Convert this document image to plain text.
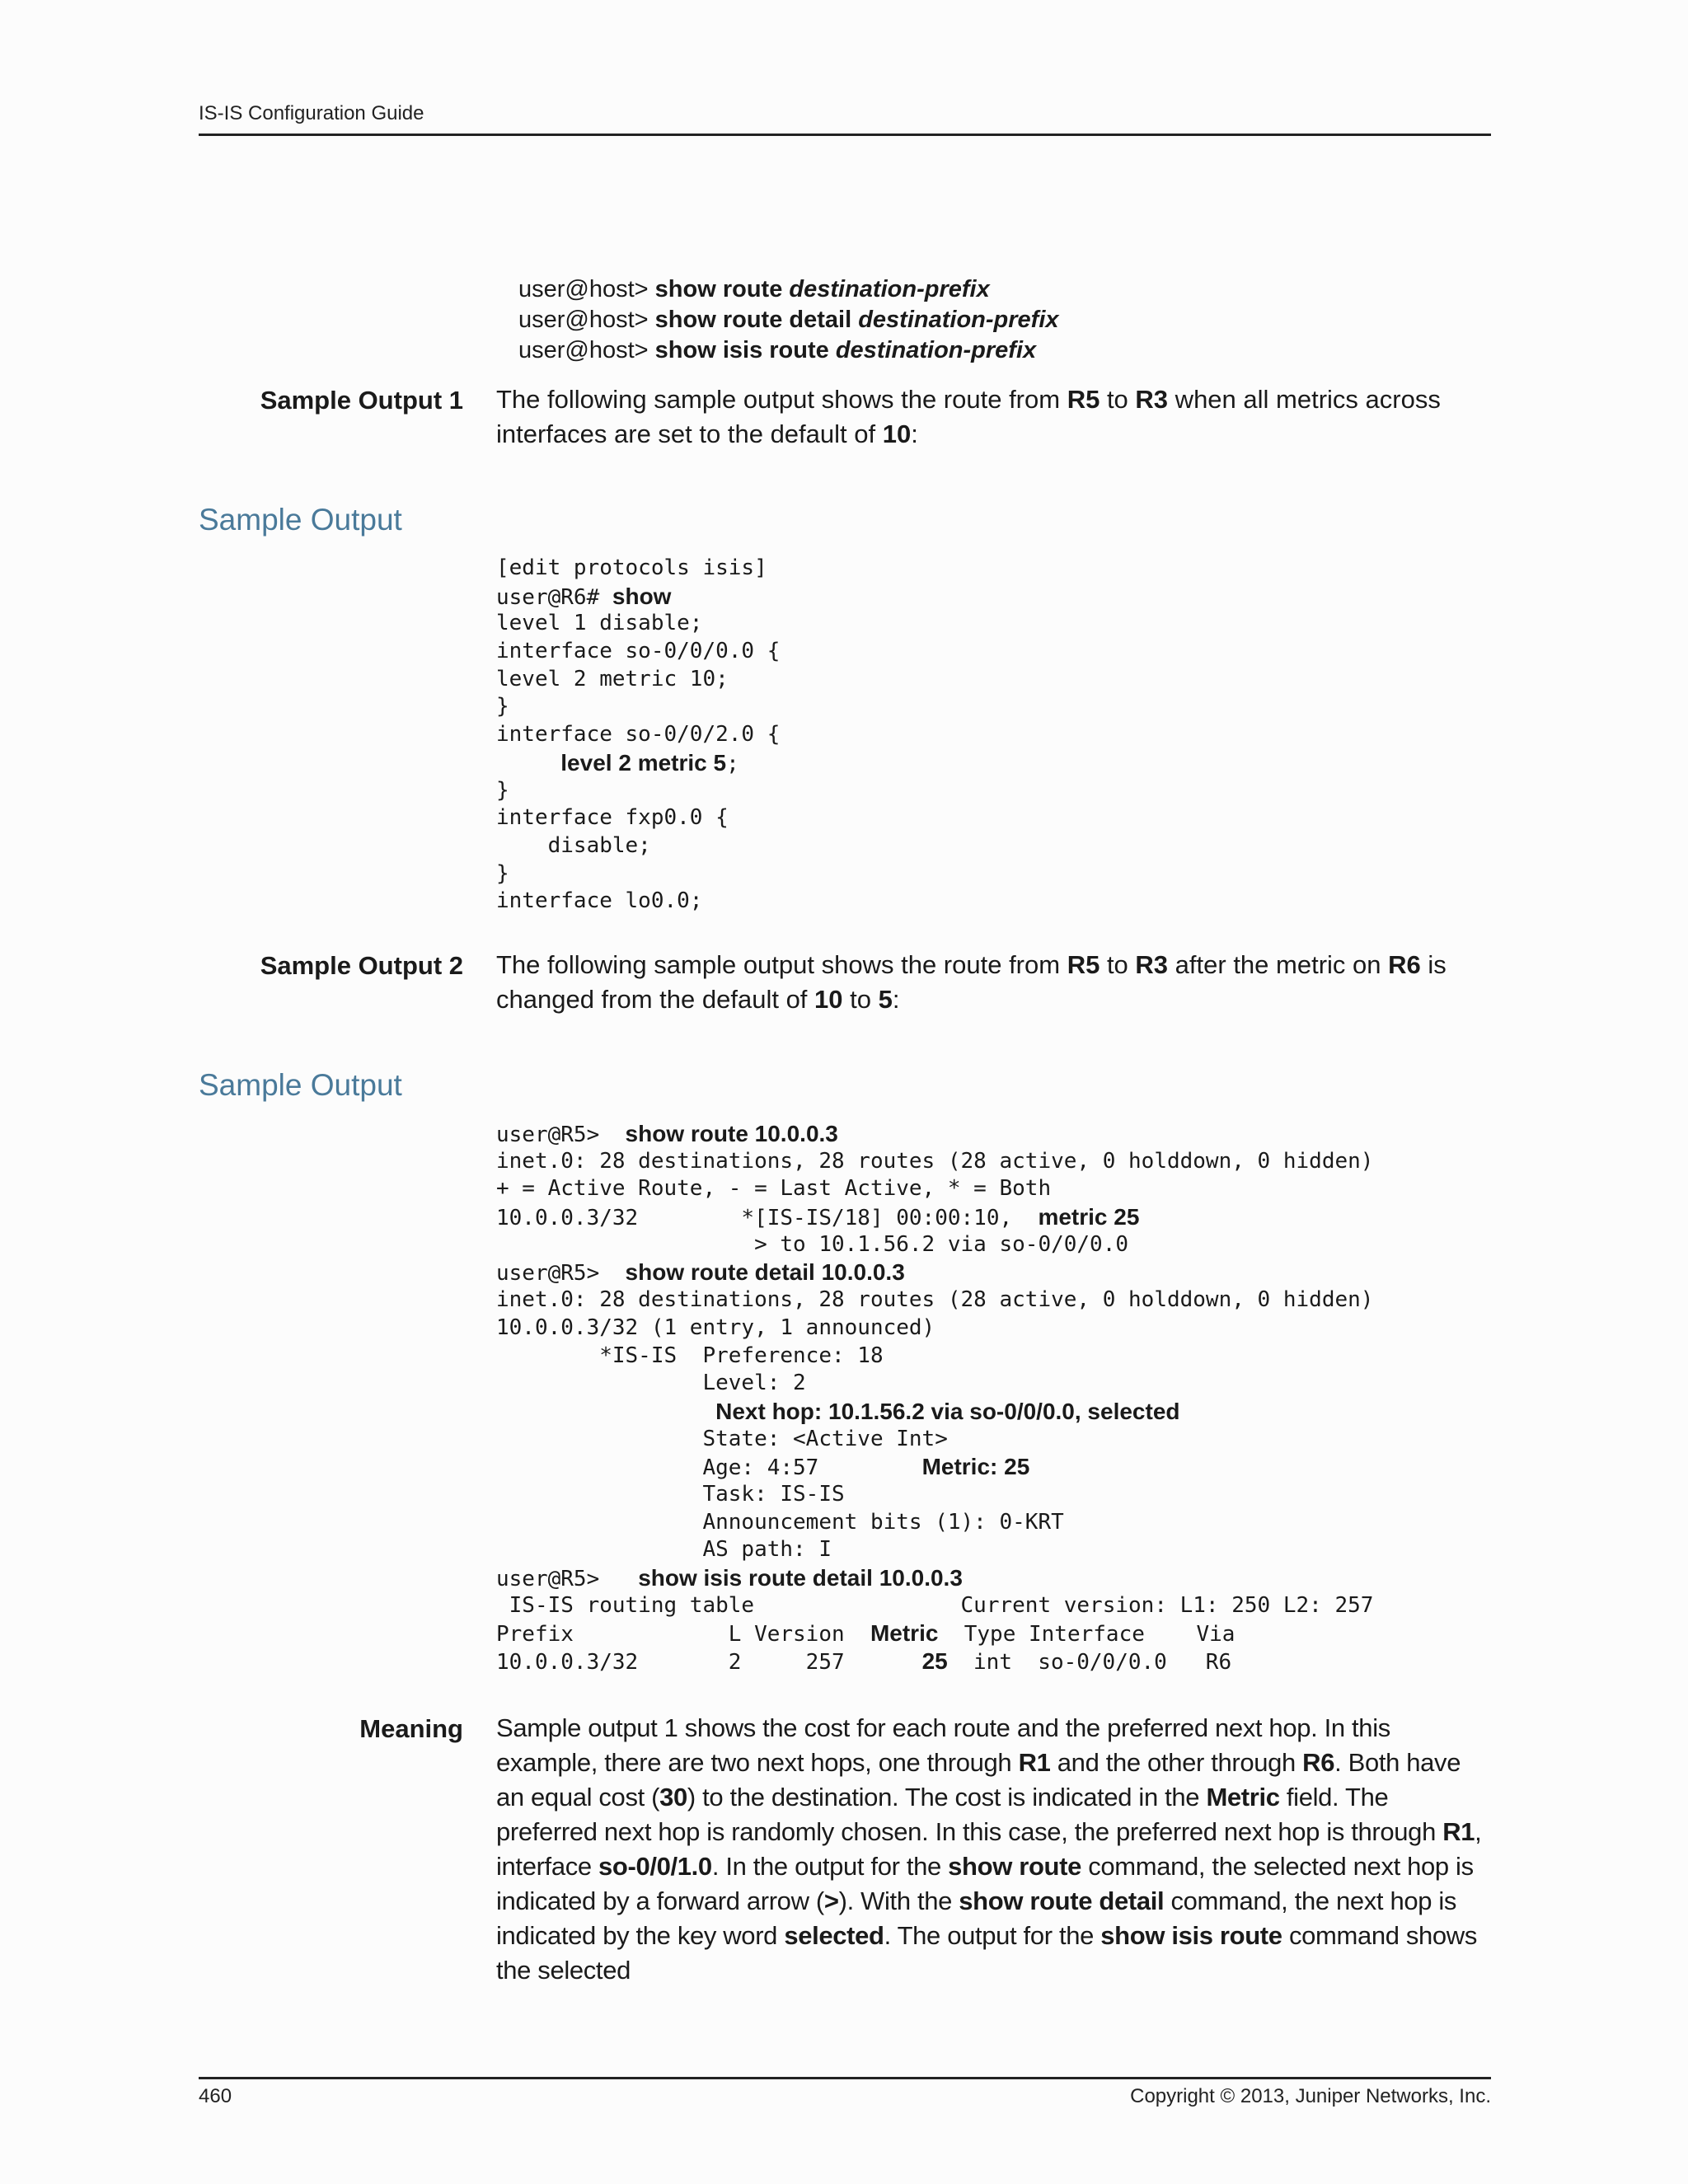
IS-IS Configuration Guide
user@host> show route destination-prefix
user@host> show route detail destination-prefix
user@host> show isis route destination-prefix
Sample Output 1 The following sample output shows the route from R5 to R3 when all metrics across interfaces are set to the default of 10:
Sample Output
[edit protocols isis]
user@R6# show
level 1 disable;
interface so-0/0/0.0 {
level 2 metric 10;
}
interface so-0/0/2.0 {
level 2 metric 5;
}
interface fxp0.0 {
disable;
}
interface lo0.0;
Sample Output 2 The following sample output shows the route from R5 to R3 after the metric on R6 is changed from the default of 10 to 5:
Sample Output
user@R5>  show route 10.0.0.3
inet.0: 28 destinations, 28 routes (28 active, 0 holddown, 0 hidden)
+ = Active Route, - = Last Active, * = Both
10.0.0.3/32        *[IS-IS/18] 00:00:10,  metric 25
> to 10.1.56.2 via so-0/0/0.0
user@R5>  show route detail 10.0.0.3
inet.0: 28 destinations, 28 routes (28 active, 0 holddown, 0 hidden)
10.0.0.3/32 (1 entry, 1 announced)
*IS-IS  Preference: 18
Level: 2
Next hop: 10.1.56.2 via so-0/0/0.0, selected
State: <Active Int>
Age: 4:57        Metric: 25
Task: IS-IS
Announcement bits (1): 0-KRT
AS path: I
user@R5>   show isis route detail 10.0.0.3
IS-IS routing table                Current version: L1: 250 L2: 257
Prefix            L Version  Metric  Type Interface    Via
10.0.0.3/32       2     257      25  int  so-0/0/0.0   R6
Meaning Sample output 1 shows the cost for each route and the preferred next hop. In this example, there are two next hops, one through R1 and the other through R6. Both have an equal cost (30) to the destination. The cost is indicated in the Metric field. The preferred next hop is randomly chosen. In this case, the preferred next hop is through R1, interface so-0/0/1.0. In the output for the show route command, the selected next hop is indicated by a forward arrow (>). With the show route detail command, the next hop is indicated by the key word selected. The output for the show isis route command shows the selected
460	Copyright © 2013, Juniper Networks, Inc.
